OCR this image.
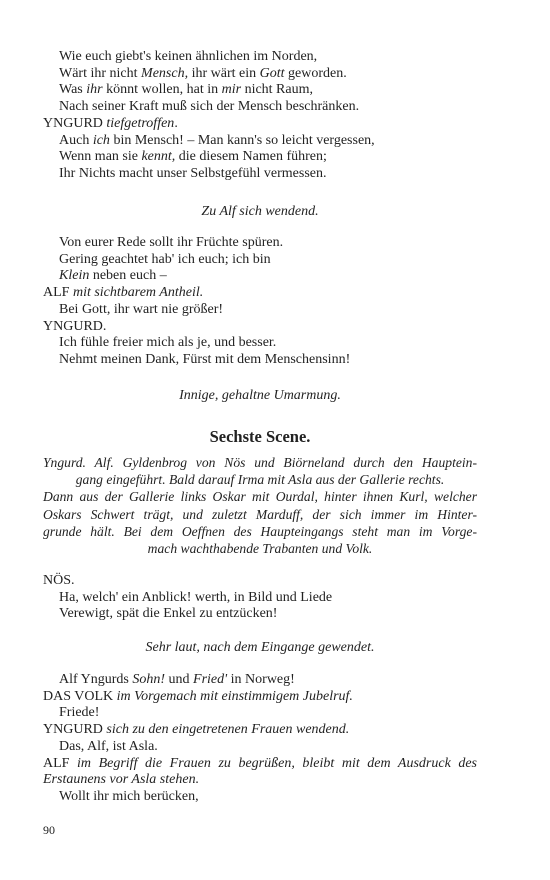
Wie euch giebt's keinen ähnlichen im Norden,
Wärt ihr nicht Mensch, ihr wärt ein Gott geworden.
Was ihr könnt wollen, hat in mir nicht Raum,
Nach seiner Kraft muß sich der Mensch beschränken.
YNGURD tiefgetroffen.
Auch ich bin Mensch! – Man kann's so leicht vergessen,
Wenn man sie kennt, die diesem Namen führen;
Ihr Nichts macht unser Selbstgefühl vermessen.
Zu Alf sich wendend.
Von eurer Rede sollt ihr Früchte spüren.
Gering geachtet hab' ich euch; ich bin
Klein neben euch –
ALF mit sichtbarem Antheil.
Bei Gott, ihr wart nie größer!
YNGURD.
Ich fühle freier mich als je, und besser.
Nehmt meinen Dank, Fürst mit dem Menschensinn!
Innige, gehaltne Umarmung.
Sechste Scene.
Yngurd. Alf. Gyldenbrog von Nös und Biörneland durch den Hauptein-
gang eingeführt. Bald darauf Irma mit Asla aus der Gallerie rechts.
Dann aus der Gallerie links Oskar mit Ourdal, hinter ihnen Kurl, welcher
Oskars Schwert trägt, und zuletzt Marduff, der sich immer im Hinter-
grunde hält. Bei dem Oeffnen des Haupteingangs steht man im Vorge-
mach wachthabende Trabanten und Volk.
NÖS.
Ha, welch' ein Anblick! werth, in Bild und Liede
Verewigt, spät die Enkel zu entzücken!
Sehr laut, nach dem Eingange gewendet.
Alf Yngurds Sohn! und Fried' in Norweg!
DAS VOLK im Vorgemach mit einstimmigem Jubelruf.
Friede!
YNGURD sich zu den eingetretenen Frauen wendend.
Das, Alf, ist Asla.
ALF im Begriff die Frauen zu begrüßen, bleibt mit dem Ausdruck des
Erstaunens vor Asla stehen.
Wollt ihr mich berücken,
90
